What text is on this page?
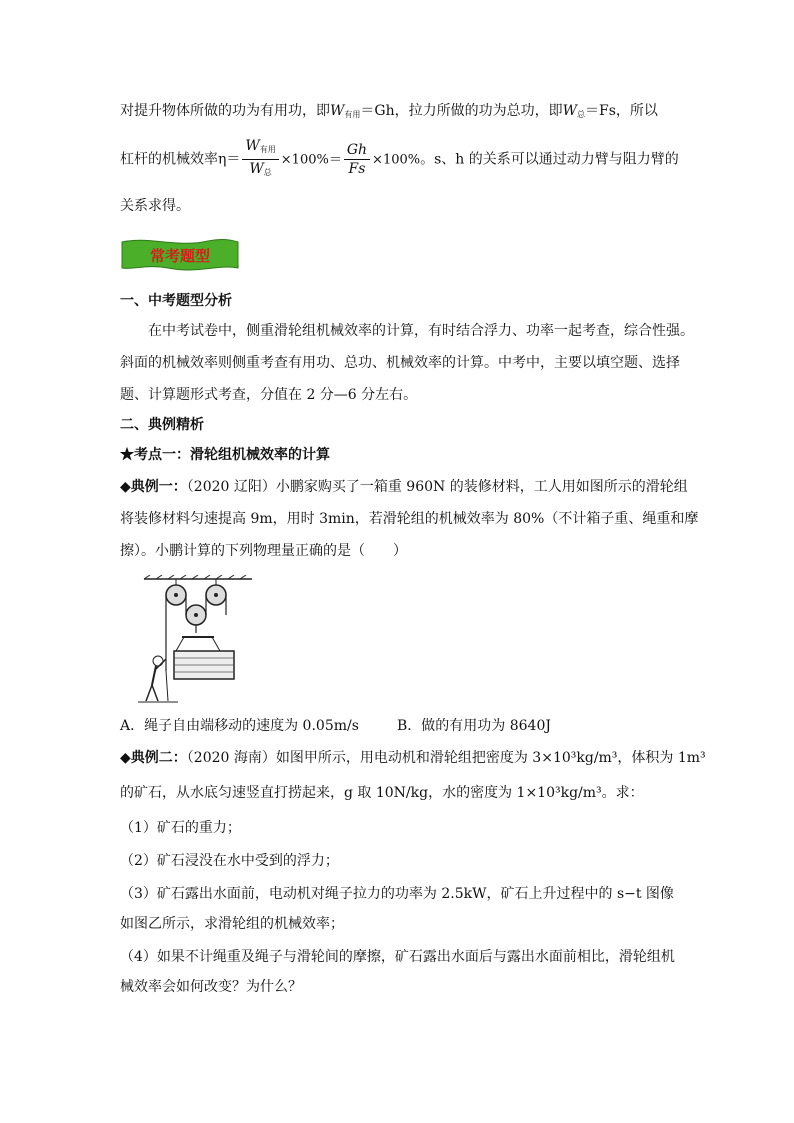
对提升物体所做的功为有用功，即$W_{有用}=Gh$，拉力所做的功为总功，即$W_总=Fs$，所以
杠杆的机械效率$\eta= \frac{W_{有用}}{W_总} \times 100\%= \frac{Gh}{Fs} \times 100\%$。s、h 的关系可以通过动力臂与阻力臂的
关系求得。
常考题型
一、中考题型分析
在中考试卷中，侧重滑轮组机械效率的计算，有时结合浮力、功率一起考查，综合性强。
斜面的机械效率则侧重考查有用功、总功、机械效率的计算。中考中，主要以填空题、选择
题、计算题形式考查，分值在 2 分—6 分左右。
二、典例精析
★考点一：滑轮组机械效率的计算
◆典例一：（2020 辽阳）小鹏家购买了一箱重 960N 的装修材料，工人用如图所示的滑轮组
将装修材料匀速提高 9m，用时 3min，若滑轮组的机械效率为 80%（不计箱子重、绳重和摩
擦）。小鹏计算的下列物理量正确的是（　　）
A．绳子自由端移动的速度为 0.05m/s	B．做的有用功为 8640J
◆典例二：（2020 海南）如图甲所示，用电动机和滑轮组把密度为 3×10³kg/m³，体积为 1m³
的矿石，从水底匀速竖直打捞起来，g 取 10N/kg，水的密度为 1×10³kg/m³。求：
（1）矿石的重力；
（2）矿石浸没在水中受到的浮力；
（3）矿石露出水面前，电动机对绳子拉力的功率为 2.5kW，矿石上升过程中的 s−t 图像
如图乙所示，求滑轮组的机械效率；
（4）如果不计绳重及绳子与滑轮间的摩擦，矿石露出水面后与露出水面前相比，滑轮组机
械效率会如何改变？为什么？
